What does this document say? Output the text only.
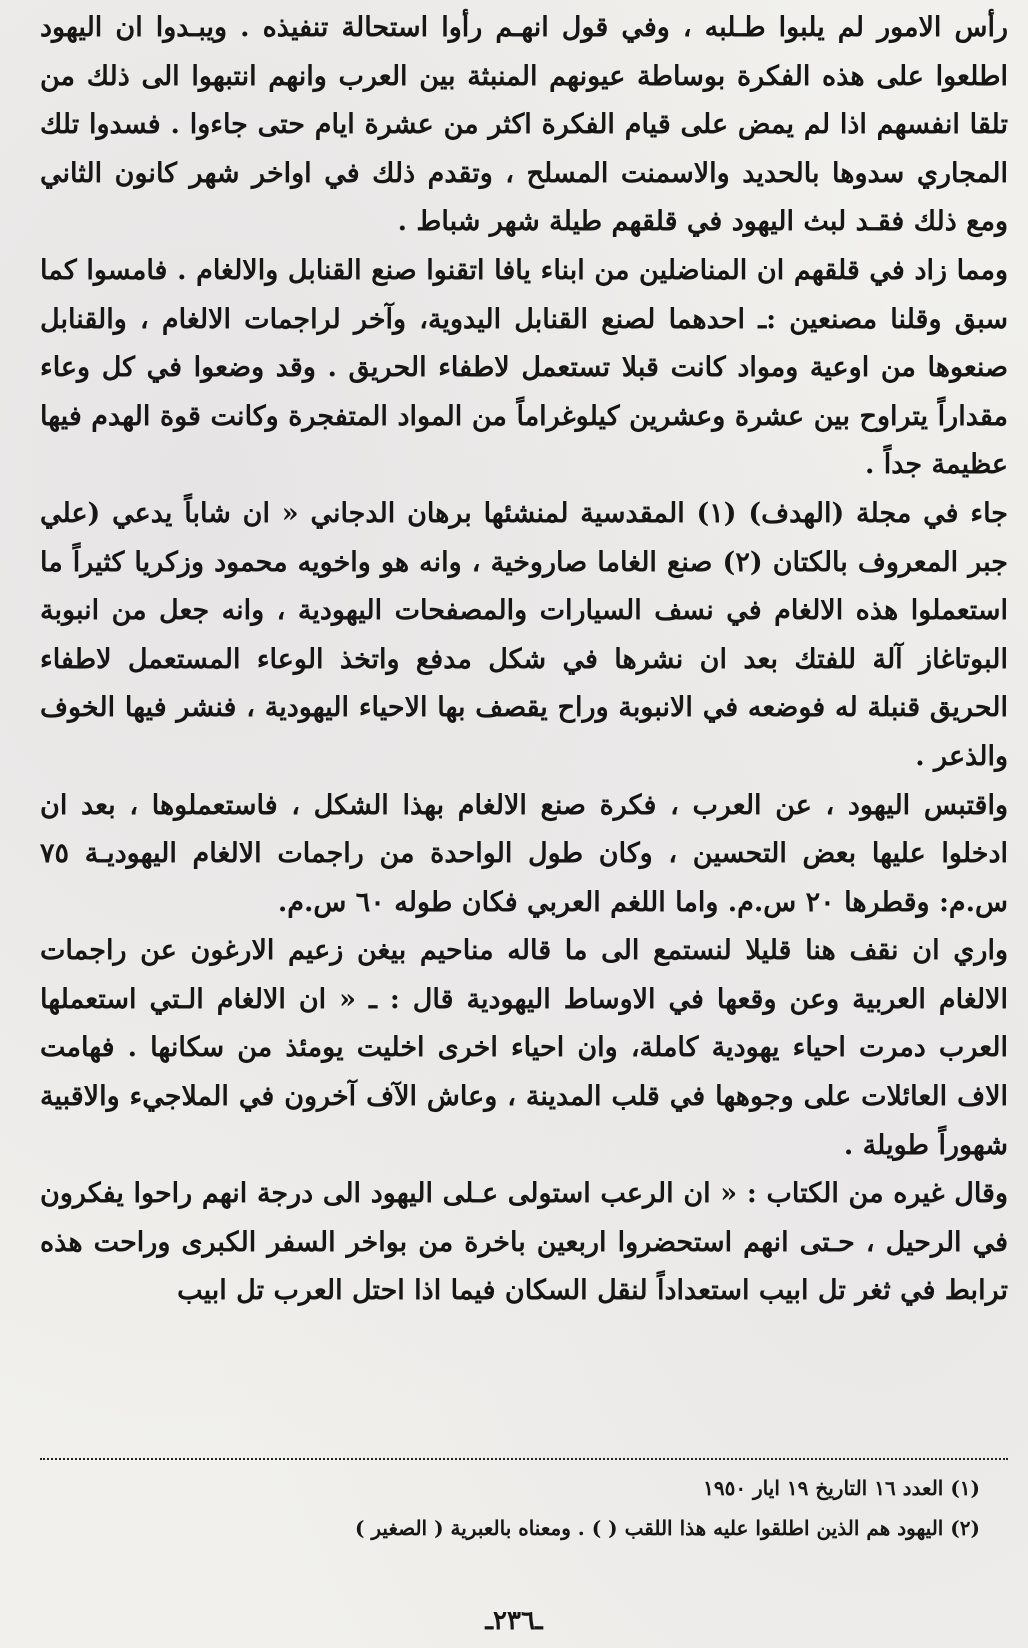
رأس الامور لم يلبوا طـلبه ، وفي قول انهـم رأوا استحالة تنفيذه . ويبـدوا ان اليهود اطلعوا على هذه الفكرة بوساطة عيونهم المنبثة بين العرب وانهم انتبهوا الى ذلك من تلقا انفسهم اذا لم يمض على قيام الفكرة اكثر من عشرة ايام حتى جاءوا . فسدوا تلك المجاري سدوها بالحديد والاسمنت المسلح ، وتقدم ذلك في اواخر شهر كانون الثاني ومع ذلك فقـد لبث اليهود في قلقهم طيلة شهر شباط .

ومما زاد في قلقهم ان المناضلين من ابناء يافا اتقنوا صنع القنابل والالغام . فامسوا كما سبق وقلنا مصنعين :ـ احدهما لصنع القنابل اليدوية، وآخر لراجمات الالغام ، والقنابل صنعوها من اوعية ومواد كانت قبلا تستعمل لاطفاء الحريق . وقد وضعوا في كل وعاء مقداراً يتراوح بين عشرة وعشرين كيلوغراماً من المواد المتفجرة وكانت قوة الهدم فيها عظيمة جداً .

جاء في مجلة (الهدف) (١) المقدسية لمنشئها برهان الدجاني « ان شاباً يدعي (علي جبر المعروف بالكتان (٢) صنع الغاما صاروخية ، وانه هو واخويه محمود وزكريا كثيراً ما استعملوا هذه الالغام في نسف السيارات والمصفحات اليهودية ، وانه جعل من انبوبة البوتاغاز آلة للفتك بعد ان نشرها في شكل مدفع واتخذ الوعاء المستعمل لاطفاء الحريق قنبلة له فوضعه في الانبوبة وراح يقصف بها الاحياء اليهودية ، فنشر فيها الخوف والذعر .

واقتبس اليهود ، عن العرب ، فكرة صنع الالغام بهذا الشكل ، فاستعملوها ، بعد ان ادخلوا عليها بعض التحسين ، وكان طول الواحدة من راجمات الالغام اليهوديـة ٧٥ س.م: وقطرها ٢٠ س.م. واما اللغم العربي فكان طوله ٦٠ س.م.

واري ان نقف هنا قليلا لنستمع الى ما قاله مناحيم بيغن زعيم الارغون عن راجمات الالغام العربية وعن وقعها في الاوساط اليهودية قال : ـ « ان الالغام الـتي استعملها العرب دمرت احياء يهودية كاملة، وان احياء اخرى اخليت يومئذ من سكانها . فهامت الاف العائلات على وجوهها في قلب المدينة ، وعاش الآف آخرون في الملاجيء والاقبية شهوراً طويلة .

وقال غيره من الكتاب : « ان الرعب استولى عـلى اليهود الى درجة انهم راحوا يفكرون في الرحيل ، حـتى انهم استحضروا اربعين باخرة من بواخر السفر الكبرى وراحت هذه ترابط في ثغر تل ابيب استعداداً لنقل السكان فيما اذا احتل العرب تل ابيب

(١) العدد ١٦ التاريخ ١٩ ايار ١٩٥٠

(٢) اليهود هم الذين اطلقوا عليه هذا اللقب ( ) . ومعناه بالعبرية ( الصغير )

ـ٢٣٦ـ
